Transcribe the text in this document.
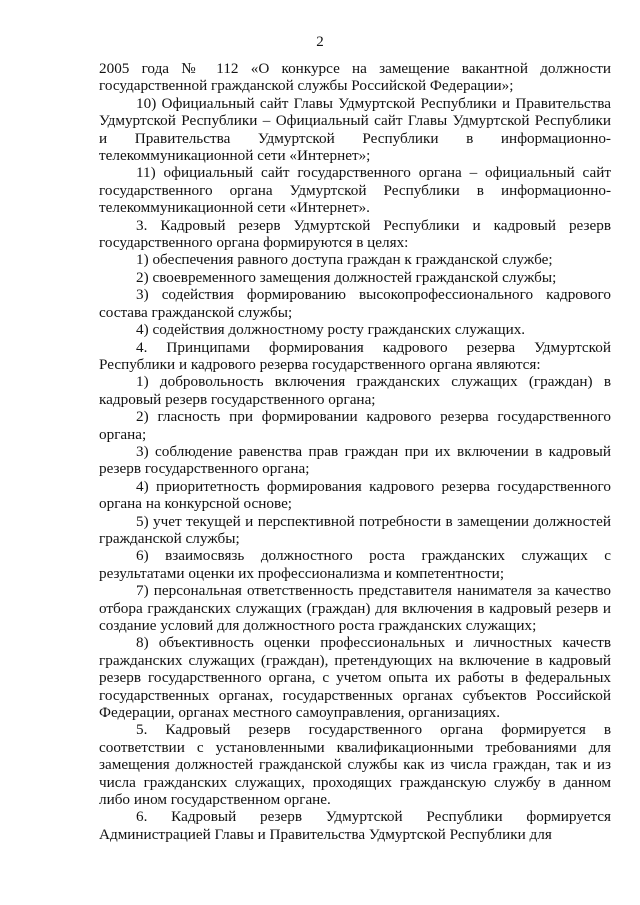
2

2005 года № 112 «О конкурсе на замещение вакантной должности государственной гражданской службы Российской Федерации»;

10) Официальный сайт Главы Удмуртской Республики и Правительства Удмуртской Республики – Официальный сайт Главы Удмуртской Республики и Правительства Удмуртской Республики в информационно-телекоммуникационной сети «Интернет»;

11) официальный сайт государственного органа – официальный сайт государственного органа Удмуртской Республики в информационно-телекоммуникационной сети «Интернет».

3. Кадровый резерв Удмуртской Республики и кадровый резерв государственного органа формируются в целях:

1) обеспечения равного доступа граждан к гражданской службе;

2) своевременного замещения должностей гражданской службы;

3) содействия формированию высокопрофессионального кадрового состава гражданской службы;

4) содействия должностному росту гражданских служащих.

4. Принципами формирования кадрового резерва Удмуртской Республики и кадрового резерва государственного органа являются:

1) добровольность включения гражданских служащих (граждан) в кадровый резерв государственного органа;

2) гласность при формировании кадрового резерва государственного органа;

3) соблюдение равенства прав граждан при их включении в кадровый резерв государственного органа;

4) приоритетность формирования кадрового резерва государственного органа на конкурсной основе;

5) учет текущей и перспективной потребности в замещении должностей гражданской службы;

6) взаимосвязь должностного роста гражданских служащих с результатами оценки их профессионализма и компетентности;

7) персональная ответственность представителя нанимателя за качество отбора гражданских служащих (граждан) для включения в кадровый резерв и создание условий для должностного роста гражданских служащих;

8) объективность оценки профессиональных и личностных качеств гражданских служащих (граждан), претендующих на включение в кадровый резерв государственного органа, с учетом опыта их работы в федеральных государственных органах, государственных органах субъектов Российской Федерации, органах местного самоуправления, организациях.

5. Кадровый резерв государственного органа формируется в соответствии с установленными квалификационными требованиями для замещения должностей гражданской службы как из числа граждан, так и из числа гражданских служащих, проходящих гражданскую службу в данном либо ином государственном органе.

6. Кадровый резерв Удмуртской Республики формируется Администрацией Главы и Правительства Удмуртской Республики для
